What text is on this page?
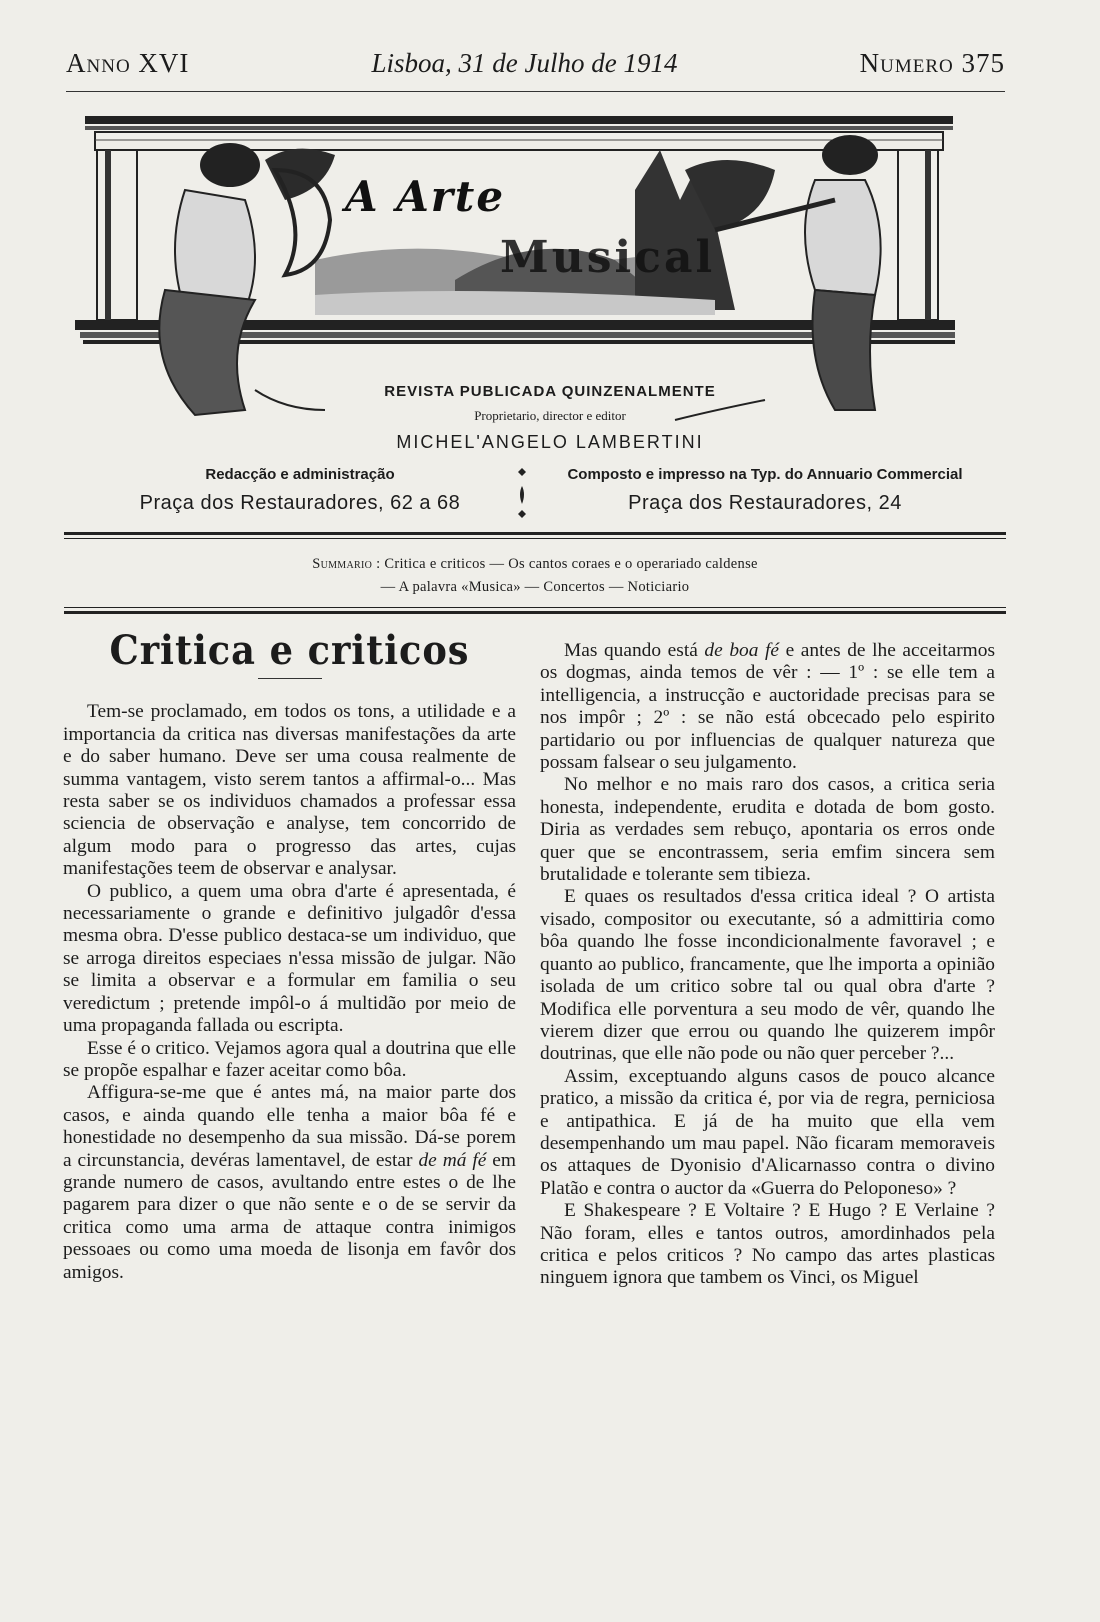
Anno XVI	Lisboa, 31 de Julho de 1914	Numero 375
A Arte
Musical
REVISTA PUBLICADA QUINZENALMENTE
Proprietario, director e editor
MICHEL'ANGELO LAMBERTINI
Redacção e administração
Praça dos Restauradores, 62 a 68
Composto e impresso na Typ. do Annuario Commercial
Praça dos Restauradores, 24
Summario : Critica e criticos — Os cantos coraes e o operariado caldense
— A palavra «Musica» — Concertos — Noticiario
Critica e criticos

Tem-se proclamado, em todos os tons, a utilidade e a importancia da critica nas diversas manifestações da arte e do saber humano. Deve ser uma cousa realmente de summa vantagem, visto serem tantos a affirmal-o... Mas resta saber se os individuos chamados a professar essa sciencia de observação e analyse, tem concorrido de algum modo para o progresso das artes, cujas manifestações teem de observar e analysar.

O publico, a quem uma obra d'arte é apresentada, é necessariamente o grande e definitivo julgadôr d'essa mesma obra. D'esse publico destaca-se um individuo, que se arroga direitos especiaes n'essa missão de julgar. Não se limita a observar e a formular em familia o seu veredictum ; pretende impôl-o á multidão por meio de uma propaganda fallada ou escripta.

Esse é o critico. Vejamos agora qual a doutrina que elle se propõe espalhar e fazer aceitar como bôa.

Affigura-se-me que é antes má, na maior parte dos casos, e ainda quando elle tenha a maior bôa fé e honestidade no desempenho da sua missão. Dá-se porem a circunstancia, devéras lamentavel, de estar de má fé em grande numero de casos, avultando entre estes o de lhe pagarem para dizer o que não sente e o de se servir da critica como uma arma de attaque contra inimigos pessoaes ou como uma moeda de lisonja em favôr dos amigos.

Mas quando está de boa fé e antes de lhe acceitarmos os dogmas, ainda temos de vêr : — 1º : se elle tem a intelligencia, a instrucção e auctoridade precisas para se nos impôr ; 2º : se não está obcecado pelo espirito partidario ou por influencias de qualquer natureza que possam falsear o seu julgamento.

No melhor e no mais raro dos casos, a critica seria honesta, independente, erudita e dotada de bom gosto. Diria as verdades sem rebuço, apontaria os erros onde quer que se encontrassem, seria emfim sincera sem brutalidade e tolerante sem tibieza.

E quaes os resultados d'essa critica ideal ? O artista visado, compositor ou executante, só a admittiria como bôa quando lhe fosse incondicionalmente favoravel ; e quanto ao publico, francamente, que lhe importa a opinião isolada de um critico sobre tal ou qual obra d'arte ? Modifica elle porventura a seu modo de vêr, quando lhe vierem dizer que errou ou quando lhe quizerem impôr doutrinas, que elle não pode ou não quer perceber ?...

Assim, exceptuando alguns casos de pouco alcance pratico, a missão da critica é, por via de regra, perniciosa e antipathica. E já de ha muito que ella vem desempenhando um mau papel. Não ficaram memoraveis os attaques de Dyonisio d'Alicarnasso contra o divino Platão e contra o auctor da «Guerra do Peloponeso» ?

E Shakespeare ? E Voltaire ? E Hugo ? E Verlaine ? Não foram, elles e tantos outros, amordinhados pela critica e pelos criticos ? No campo das artes plasticas ninguem ignora que tambem os Vinci, os Miguel
